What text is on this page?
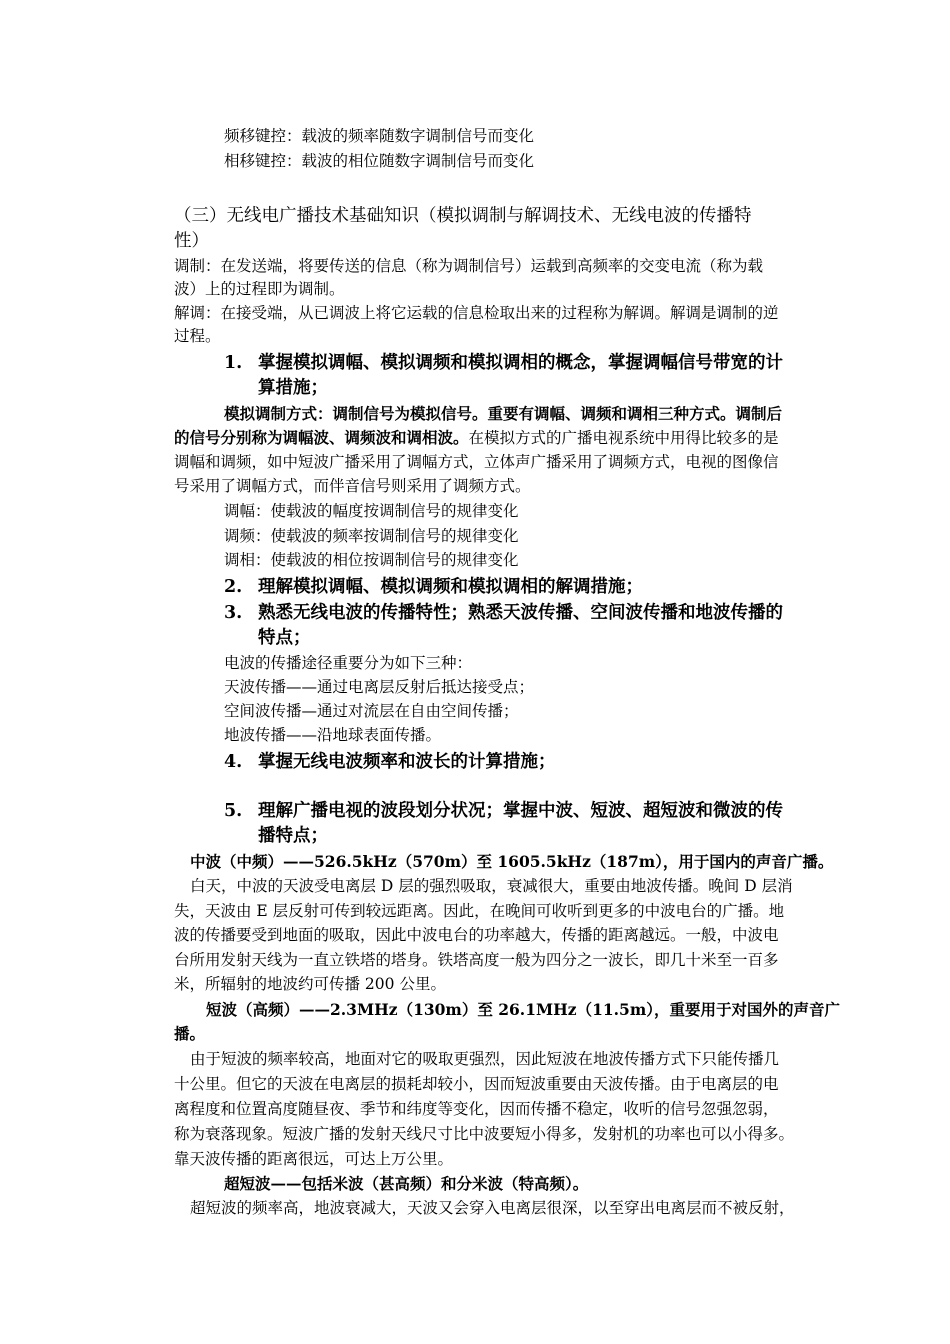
频移键控：载波的频率随数字调制信号而变化
相移键控：载波的相位随数字调制信号而变化
（三）无线电广播技术基础知识（模拟调制与解调技术、无线电波的传播特
性）
调制：在发送端，将要传送的信息（称为调制信号）运载到高频率的交变电流（称为载
波）上的过程即为调制。
解调：在接受端，从已调波上将它运载的信息检取出来的过程称为解调。解调是调制的逆
过程。
1. 掌握模拟调幅、模拟调频和模拟调相的概念，掌握调幅信号带宽的计
算措施；
模拟调制方式：调制信号为模拟信号。重要有调幅、调频和调相三种方式。调制后
的信号分别称为调幅波、调频波和调相波。在模拟方式的广播电视系统中用得比较多的是
调幅和调频，如中短波广播采用了调幅方式，立体声广播采用了调频方式，电视的图像信
号采用了调幅方式，而伴音信号则采用了调频方式。
调幅：使载波的幅度按调制信号的规律变化
调频：使载波的频率按调制信号的规律变化
调相：使载波的相位按调制信号的规律变化
2. 理解模拟调幅、模拟调频和模拟调相的解调措施；
3. 熟悉无线电波的传播特性；熟悉天波传播、空间波传播和地波传播的
特点；
电波的传播途径重要分为如下三种：
天波传播——通过电离层反射后抵达接受点；
空间波传播—通过对流层在自由空间传播；
地波传播——沿地球表面传播。
4. 掌握无线电波频率和波长的计算措施；
5. 理解广播电视的波段划分状况；掌握中波、短波、超短波和微波的传
播特点；
中波（中频）——526.5kHz（570m）至 1605.5kHz（187m），用于国内的声音广播。
白天，中波的天波受电离层 D 层的强烈吸取，衰减很大，重要由地波传播。晚间 D 层消
失，天波由 E 层反射可传到较远距离。因此，在晚间可收听到更多的中波电台的广播。地
波的传播要受到地面的吸取，因此中波电台的功率越大，传播的距离越远。一般，中波电
台所用发射天线为一直立铁塔的塔身。铁塔高度一般为四分之一波长，即几十米至一百多
米，所辐射的地波约可传播 200 公里。
短波（高频）——2.3MHz（130m）至 26.1MHz（11.5m），重要用于对国外的声音广
播。
由于短波的频率较高，地面对它的吸取更强烈，因此短波在地波传播方式下只能传播几
十公里。但它的天波在电离层的损耗却较小，因而短波重要由天波传播。由于电离层的电
离程度和位置高度随昼夜、季节和纬度等变化，因而传播不稳定，收听的信号忽强忽弱，
称为衰落现象。短波广播的发射天线尺寸比中波要短小得多，发射机的功率也可以小得多。
靠天波传播的距离很远，可达上万公里。
超短波——包括米波（甚高频）和分米波（特高频）。
超短波的频率高，地波衰减大，天波又会穿入电离层很深，以至穿出电离层而不被反射，
